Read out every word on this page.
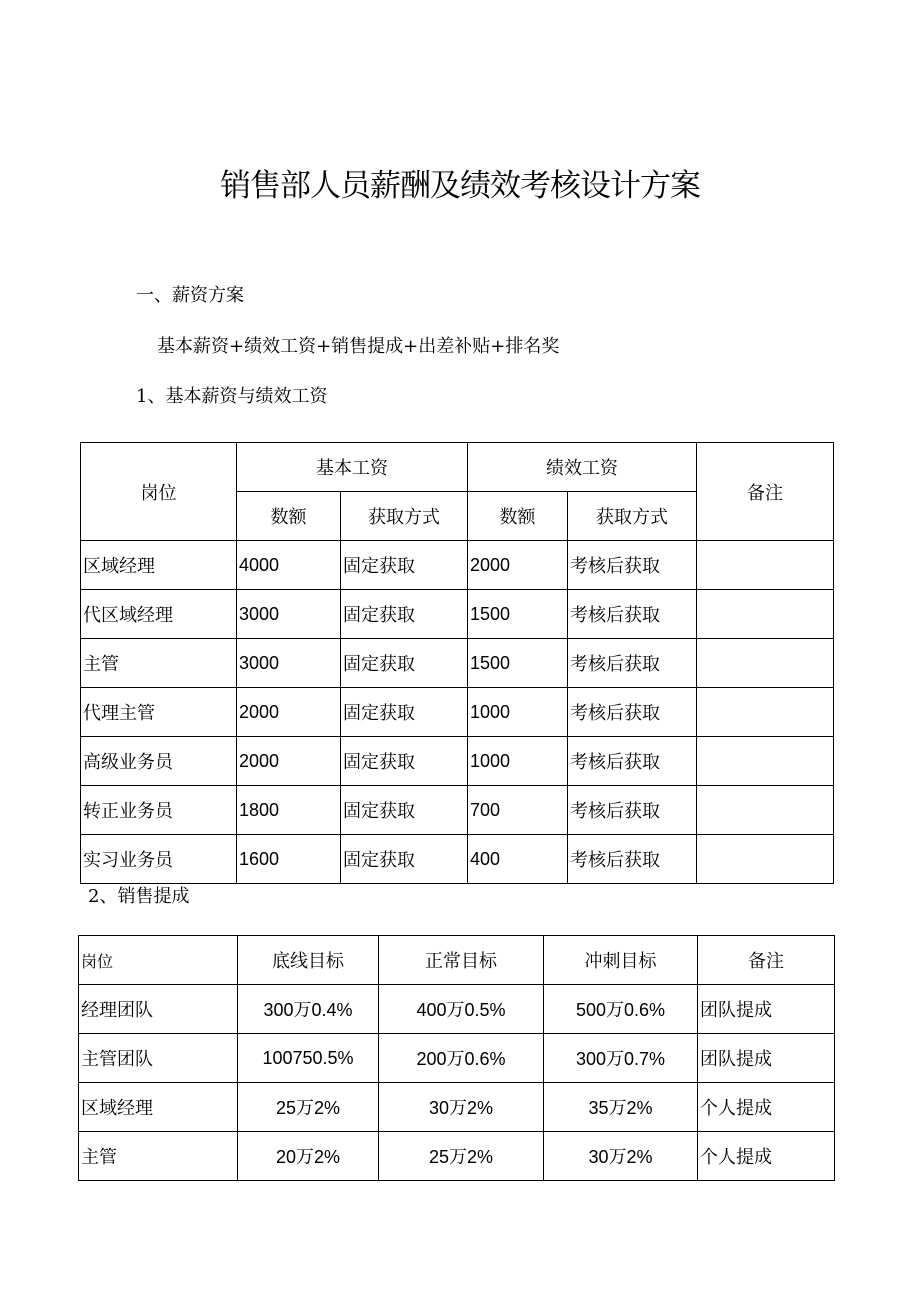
销售部人员薪酬及绩效考核设计方案
一、薪资方案
基本薪资+绩效工资+销售提成+出差补贴+排名奖
1、基本薪资与绩效工资
岗位	基本工资		绩效工资		备注
	数额	获取方式	数额	获取方式	
区域经理	4000	固定获取	2000	考核后获取	
代区域经理	3000	固定获取	1500	考核后获取	
主管	3000	固定获取	1500	考核后获取	
代理主管	2000	固定获取	1000	考核后获取	
高级业务员	2000	固定获取	1000	考核后获取	
转正业务员	1800	固定获取	700	考核后获取	
实习业务员	1600	固定获取	400	考核后获取	
2、销售提成
岗位	底线目标	正常目标	冲刺目标	备注
经理团队	300万0.4%	400万0.5%	500万0.6%	团队提成
主管团队	100750.5%	200万0.6%	300万0.7%	团队提成
区域经理	25万2%	30万2%	35万2%	个人提成
主管	20万2%	25万2%	30万2%	个人提成
